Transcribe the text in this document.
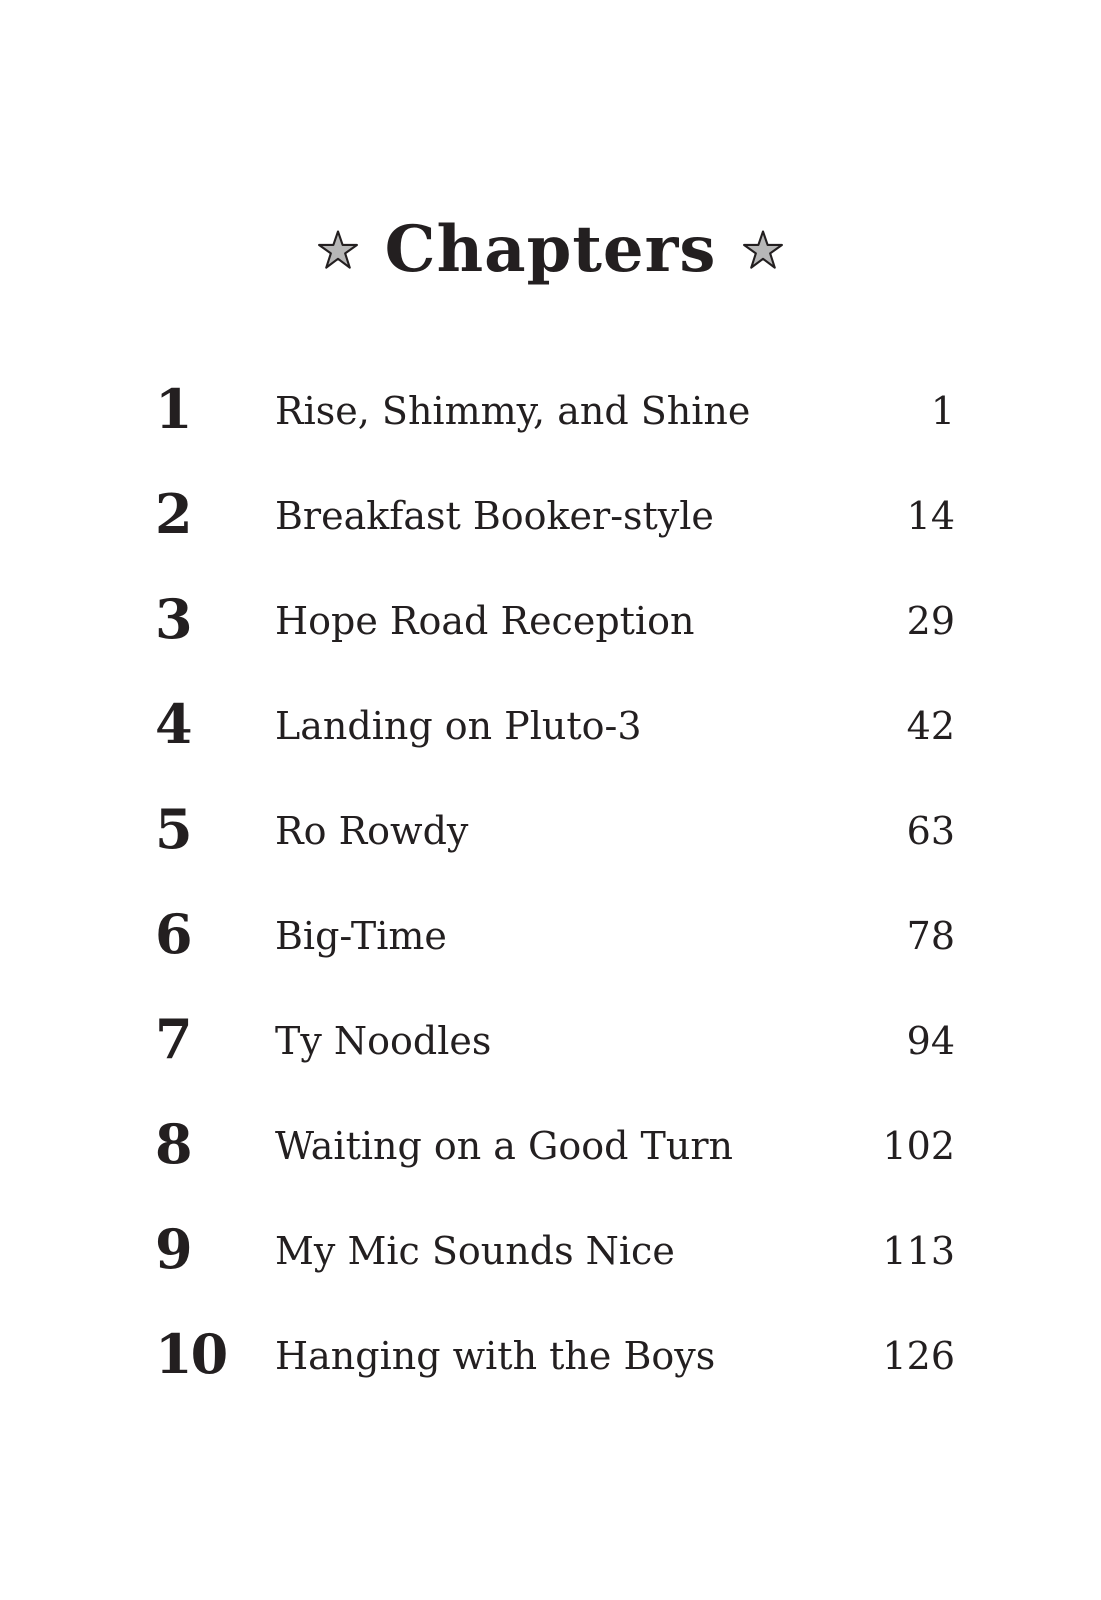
Chapters
1 Rise, Shimmy, and Shine	1
2 Breakfast Booker-style	14
3 Hope Road Reception	29
4 Landing on Pluto-3	42
5 Ro Rowdy	63
6 Big-Time	78
7 Ty Noodles	94
8 Waiting on a Good Turn	102
9 My Mic Sounds Nice	113
10 Hanging with the Boys	126
